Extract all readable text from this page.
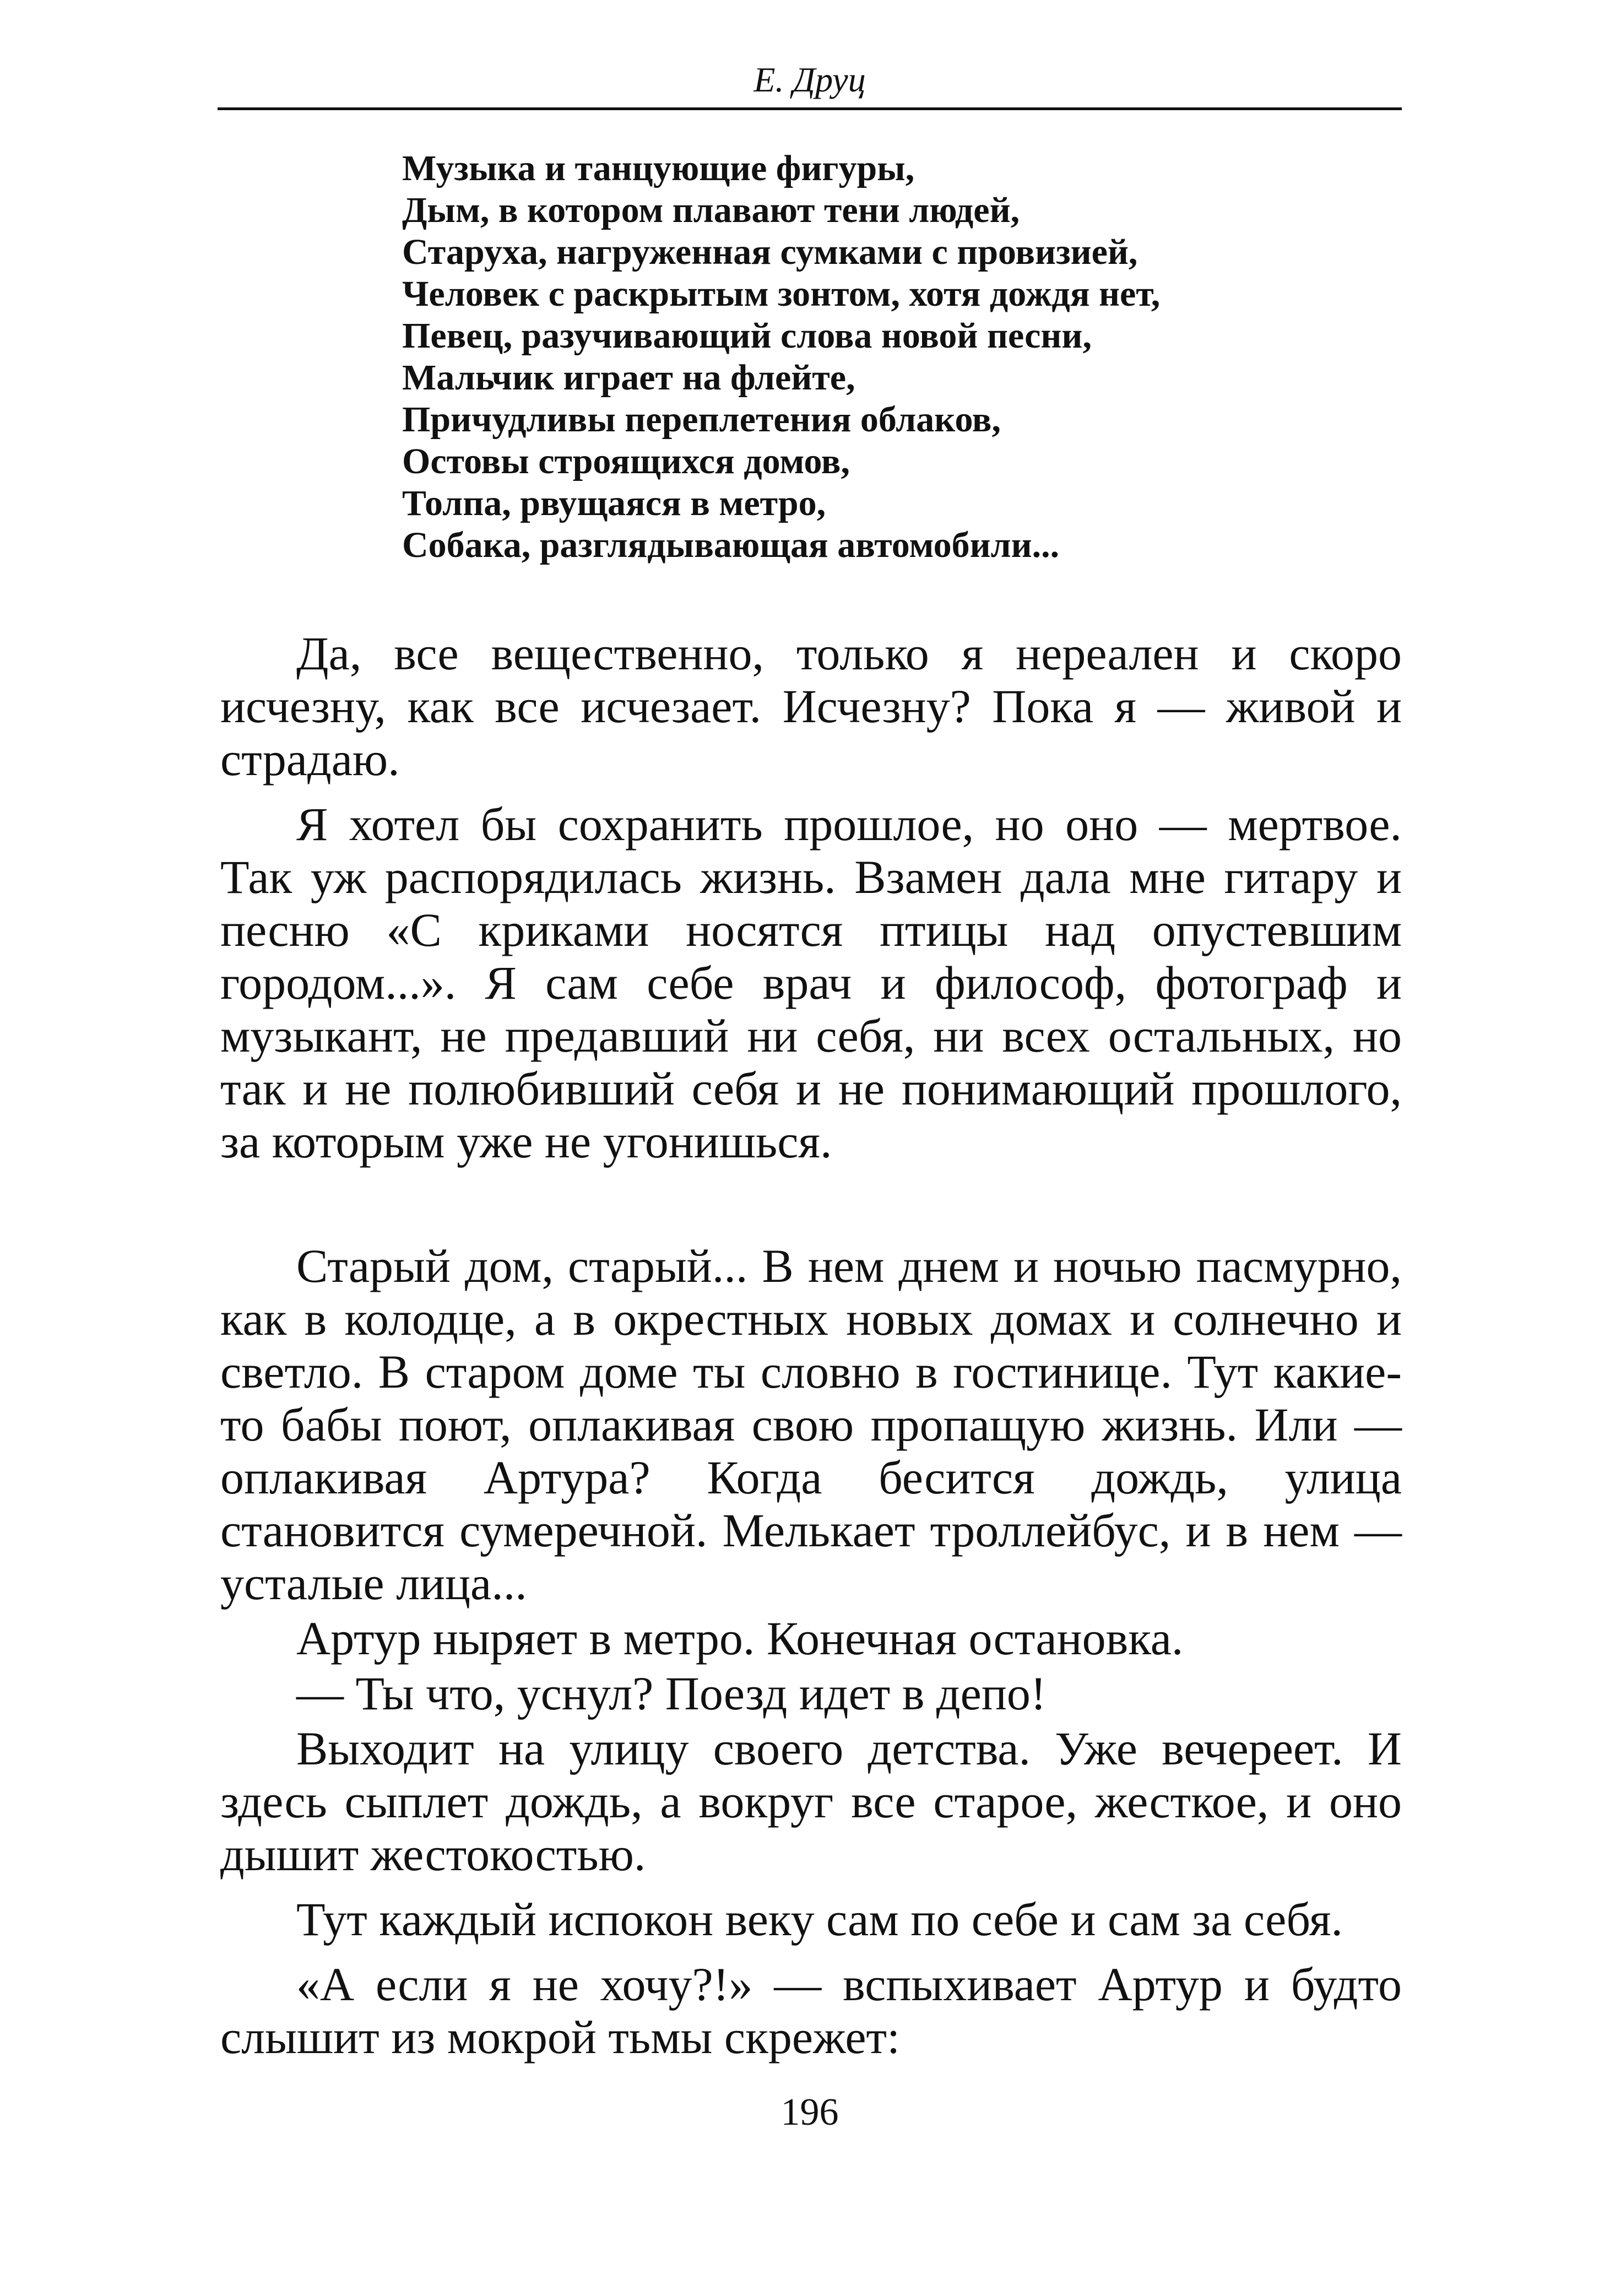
Е. Друц

Музыка и танцующие фигуры,
Дым, в котором плавают тени людей,
Старуха, нагруженная сумками с провизией,
Человек с раскрытым зонтом, хотя дождя нет,
Певец, разучивающий слова новой песни,
Мальчик играет на флейте,
Причудливы переплетения облаков,
Остовы строящихся домов,
Толпа, рвущаяся в метро,
Собака, разглядывающая автомобили...

Да, все вещественно, только я нереален и скоро исчезну, как все исчезает. Исчезну? Пока я — живой и страдаю.

Я хотел бы сохранить прошлое, но оно — мертвое. Так уж распорядилась жизнь. Взамен дала мне гитару и песню «С криками носятся птицы над опустевшим городом...». Я сам себе врач и философ, фотограф и музыкант, не предавший ни себя, ни всех остальных, но так и не полюбивший себя и не понимающий прошлого, за которым уже не угонишься.

Старый дом, старый... В нем днем и ночью пасмурно, как в колодце, а в окрестных новых домах и солнечно и светло. В старом доме ты словно в гостинице. Тут какие-то бабы поют, оплакивая свою пропащую жизнь. Или — оплакивая Артура? Когда бесится дождь, улица становится сумеречной. Мелькает троллейбус, и в нем — усталые лица...

Артур ныряет в метро. Конечная остановка.

— Ты что, уснул? Поезд идет в депо!

Выходит на улицу своего детства. Уже вечереет. И здесь сыплет дождь, а вокруг все старое, жесткое, и оно дышит жестокостью.

Тут каждый испокон веку сам по себе и сам за себя.

«А если я не хочу?!» — вспыхивает Артур и будто слышит из мокрой тьмы скрежет:

196
